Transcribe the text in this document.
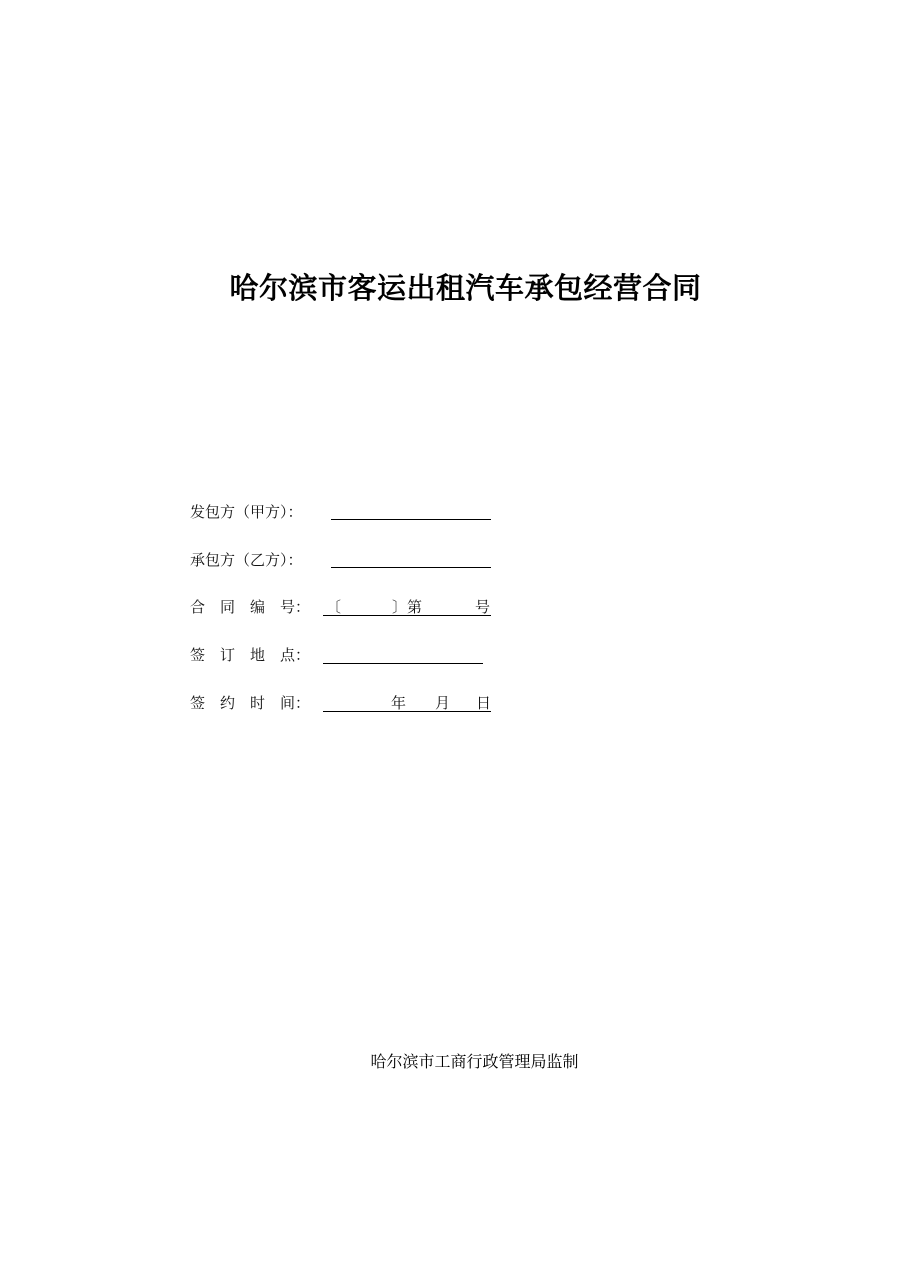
哈尔滨市客运出租汽车承包经营合同
发包方（甲方）：
承包方（乙方）：
合　同　编　号： 〔	〕第	号
签　订　地　点：
签　约　时　间：	年 月 日
哈尔滨市工商行政管理局监制
